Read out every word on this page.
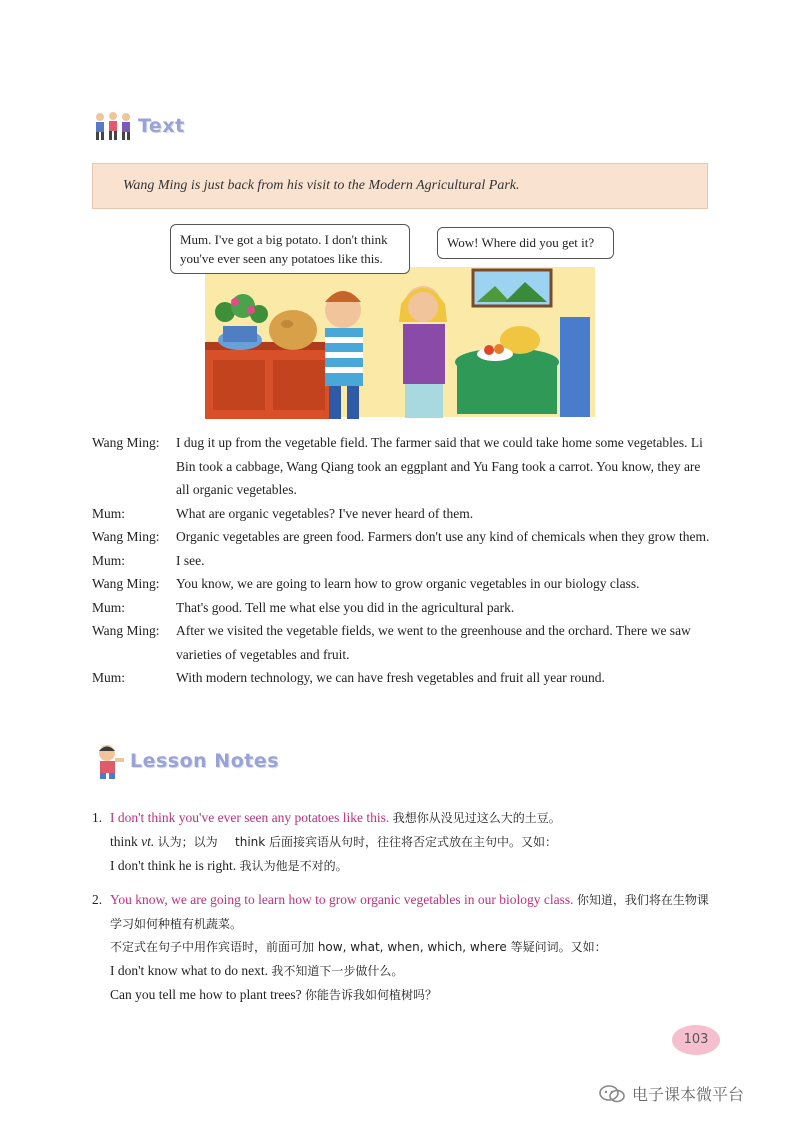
Text
Wang Ming is just back from his visit to the Modern Agricultural Park.
Mum. I've got a big potato. I don't think
you've ever seen any potatoes like this.
Wow! Where did you get it?
Wang Ming:	I dug it up from the vegetable field. The farmer said that we could take home some vegetables. Li Bin took a cabbage, Wang Qiang took an eggplant and Yu Fang took a carrot. You know, they are all organic vegetables.
Mum:	What are organic vegetables? I've never heard of them.
Wang Ming:	Organic vegetables are green food. Farmers don't use any kind of chemicals when they grow them.
Mum:	I see.
Wang Ming:	You know, we are going to learn how to grow organic vegetables in our biology class.
Mum:	That's good. Tell me what else you did in the agricultural park.
Wang Ming:	After we visited the vegetable fields, we went to the greenhouse and the orchard. There we saw varieties of vegetables and fruit.
Mum:	With modern technology, we can have fresh vegetables and fruit all year round.
Lesson Notes
1. I don't think you've ever seen any potatoes like this. 我想你从没见过这么大的土豆。
think vt. 认为；以为 think 后面接宾语从句时，往往将否定式放在主句中。又如：
I don't think he is right. 我认为他是不对的。
2. You know, we are going to learn how to grow organic vegetables in our biology class. 你知道，我们将在生物课学习如何种植有机蔬菜。
不定式在句子中用作宾语时，前面可加 how, what, when, which, where 等疑问词。又如：
I don't know what to do next. 我不知道下一步做什么。
Can you tell me how to plant trees? 你能告诉我如何植树吗？
103
电子课本微平台
